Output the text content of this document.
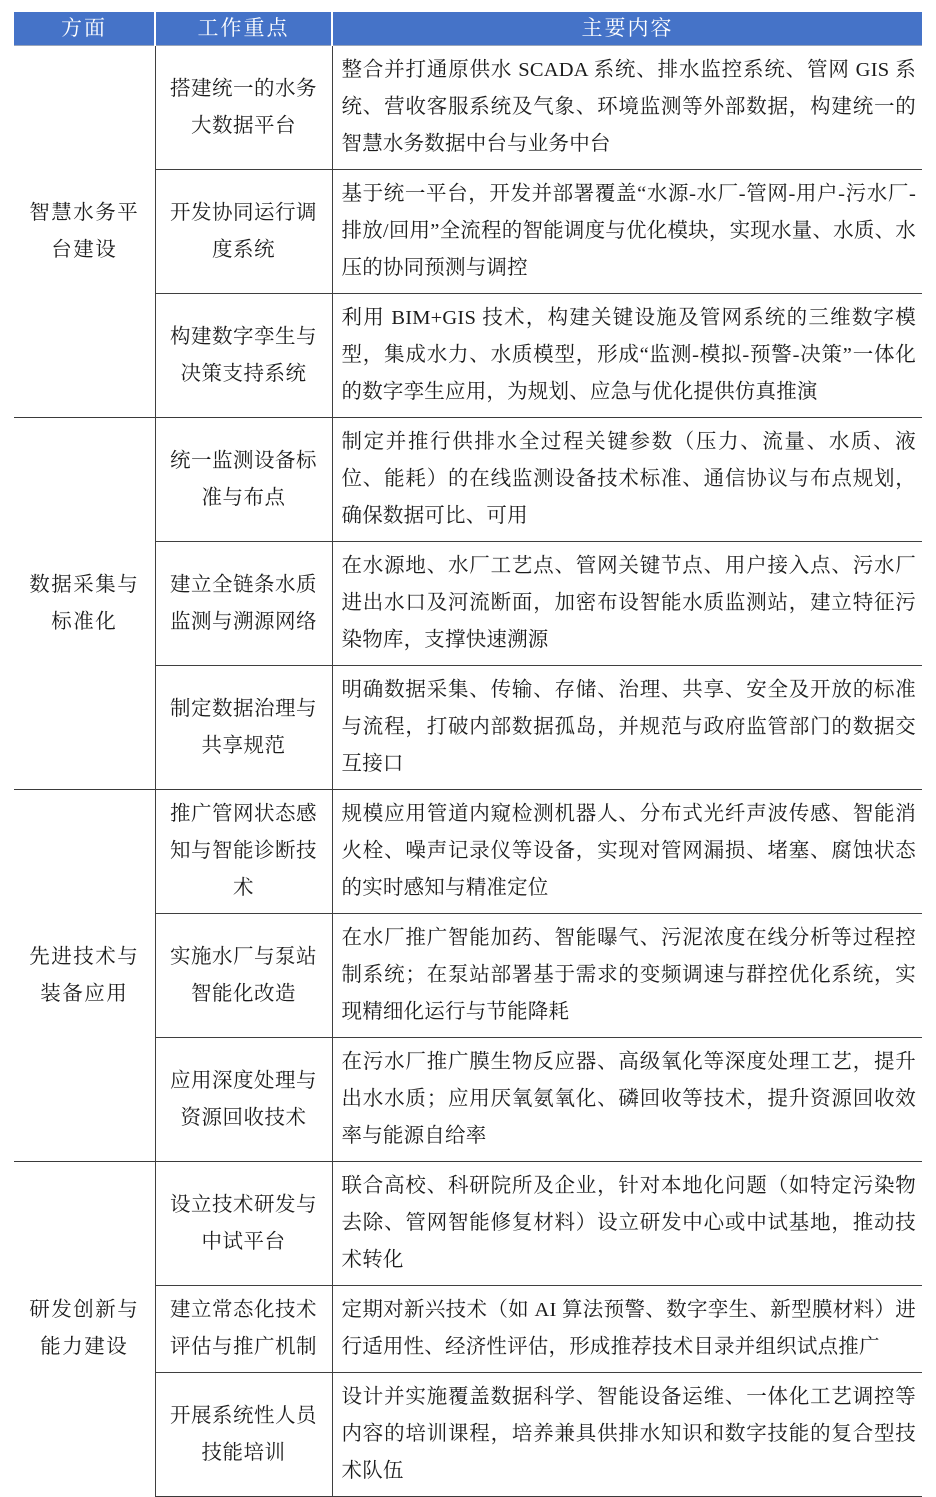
方面	工作重点	主要内容
智慧水务平台建设	搭建统一的水务大数据平台	整合并打通原供水 SCADA 系统、排水监控系统、管网 GIS 系统、营收客服系统及气象、环境监测等外部数据，构建统一的智慧水务数据中台与业务中台
	开发协同运行调度系统	基于统一平台，开发并部署覆盖“水源-水厂-管网-用户-污水厂-排放/回用”全流程的智能调度与优化模块，实现水量、水质、水压的协同预测与调控
	构建数字孪生与决策支持系统	利用 BIM+GIS 技术，构建关键设施及管网系统的三维数字模型，集成水力、水质模型，形成“监测-模拟-预警-决策”一体化的数字孪生应用，为规划、应急与优化提供仿真推演
数据采集与标准化	统一监测设备标准与布点	制定并推行供排水全过程关键参数（压力、流量、水质、液位、能耗）的在线监测设备技术标准、通信协议与布点规划，确保数据可比、可用
	建立全链条水质监测与溯源网络	在水源地、水厂工艺点、管网关键节点、用户接入点、污水厂进出水口及河流断面，加密布设智能水质监测站，建立特征污染物库，支撑快速溯源
	制定数据治理与共享规范	明确数据采集、传输、存储、治理、共享、安全及开放的标准与流程，打破内部数据孤岛，并规范与政府监管部门的数据交互接口
先进技术与装备应用	推广管网状态感知与智能诊断技术	规模应用管道内窥检测机器人、分布式光纤声波传感、智能消火栓、噪声记录仪等设备，实现对管网漏损、堵塞、腐蚀状态的实时感知与精准定位
	实施水厂与泵站智能化改造	在水厂推广智能加药、智能曝气、污泥浓度在线分析等过程控制系统；在泵站部署基于需求的变频调速与群控优化系统，实现精细化运行与节能降耗
	应用深度处理与资源回收技术	在污水厂推广膜生物反应器、高级氧化等深度处理工艺，提升出水水质；应用厌氧氨氧化、磷回收等技术，提升资源回收效率与能源自给率
研发创新与能力建设	设立技术研发与中试平台	联合高校、科研院所及企业，针对本地化问题（如特定污染物去除、管网智能修复材料）设立研发中心或中试基地，推动技术转化
	建立常态化技术评估与推广机制	定期对新兴技术（如 AI 算法预警、数字孪生、新型膜材料）进行适用性、经济性评估，形成推荐技术目录并组织试点推广
	开展系统性人员技能培训	设计并实施覆盖数据科学、智能设备运维、一体化工艺调控等内容的培训课程，培养兼具供排水知识和数字技能的复合型技术队伍
